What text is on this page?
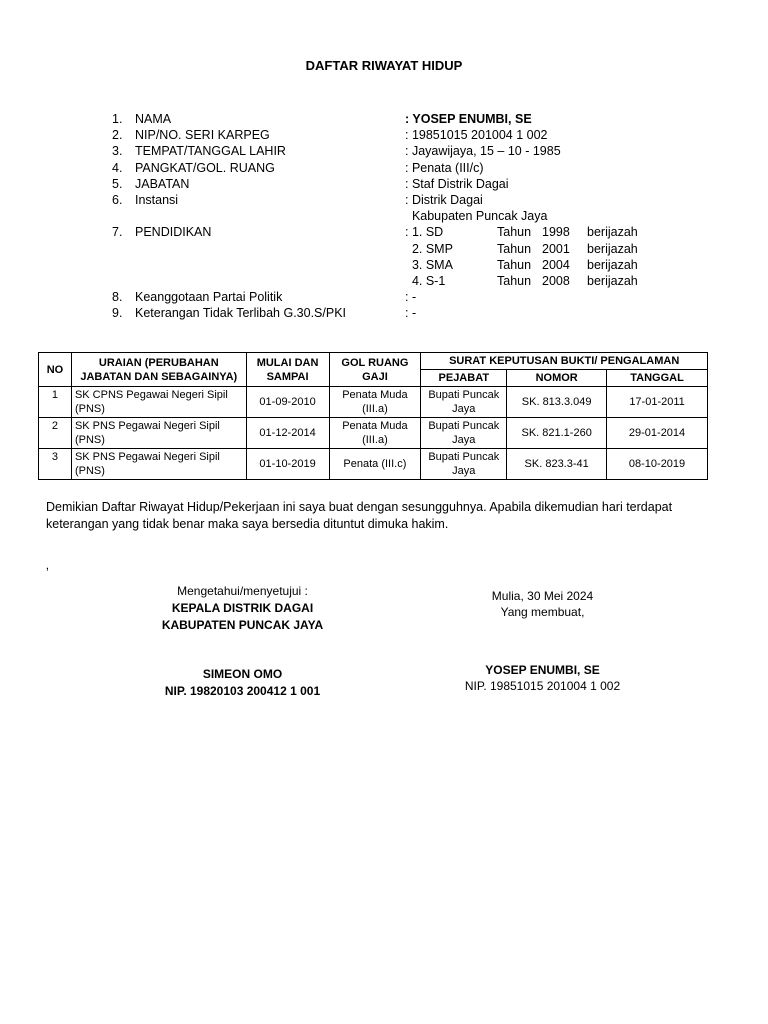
DAFTAR RIWAYAT HIDUP
1.	NAMA	: YOSEP ENUMBI, SE
2.	NIP/NO. SERI KARPEG	: 19851015 201004 1 002
3.	TEMPAT/TANGGAL LAHIR	: Jayawijaya, 15 – 10 - 1985
4.	PANGKAT/GOL. RUANG	: Penata (III/c)
5.	JABATAN	: Staf Distrik Dagai
6.	Instansi	: Distrik Dagai
Kabupaten Puncak Jaya
7.	PENDIDIKAN	: 1. SD	Tahun 1998 berijazah
2. SMP	Tahun 2001 berijazah
3. SMA	Tahun 2004 berijazah
4. S-1	Tahun 2008 berijazah
8.	Keanggotaan Partai Politik	: -
9.	Keterangan Tidak Terlibah G.30.S/PKI	: -
NO	URAIAN (PERUBAHAN JABATAN DAN SEBAGAINYA)	MULAI DAN SAMPAI	GOL RUANG GAJI	SURAT KEPUTUSAN BUKTI/ PENGALAMAN		
				PEJABAT	NOMOR	TANGGAL
1	SK CPNS Pegawai Negeri Sipil (PNS)	01-09-2010	Penata Muda (III.a)	Bupati Puncak Jaya	SK. 813.3.049	17-01-2011
2	SK PNS Pegawai Negeri Sipil (PNS)	01-12-2014	Penata Muda (III.a)	Bupati Puncak Jaya	SK. 821.1-260	29-01-2014
3	SK PNS Pegawai Negeri Sipil (PNS)	01-10-2019	Penata (III.c)	Bupati Puncak Jaya	SK. 823.3-41	08-10-2019
Demikian Daftar Riwayat Hidup/Pekerjaan ini saya buat dengan sesungguhnya. Apabila dikemudian hari terdapat keterangan yang tidak benar maka saya bersedia dituntut dimuka hakim.
‚
Mengetahui/menyetujui :
KEPALA DISTRIK DAGAI
KABUPATEN PUNCAK JAYA
SIMEON OMO
NIP. 19820103 200412 1 001
Mulia, 30 Mei 2024
Yang membuat,
YOSEP ENUMBI, SE
NIP. 19851015 201004 1 002
